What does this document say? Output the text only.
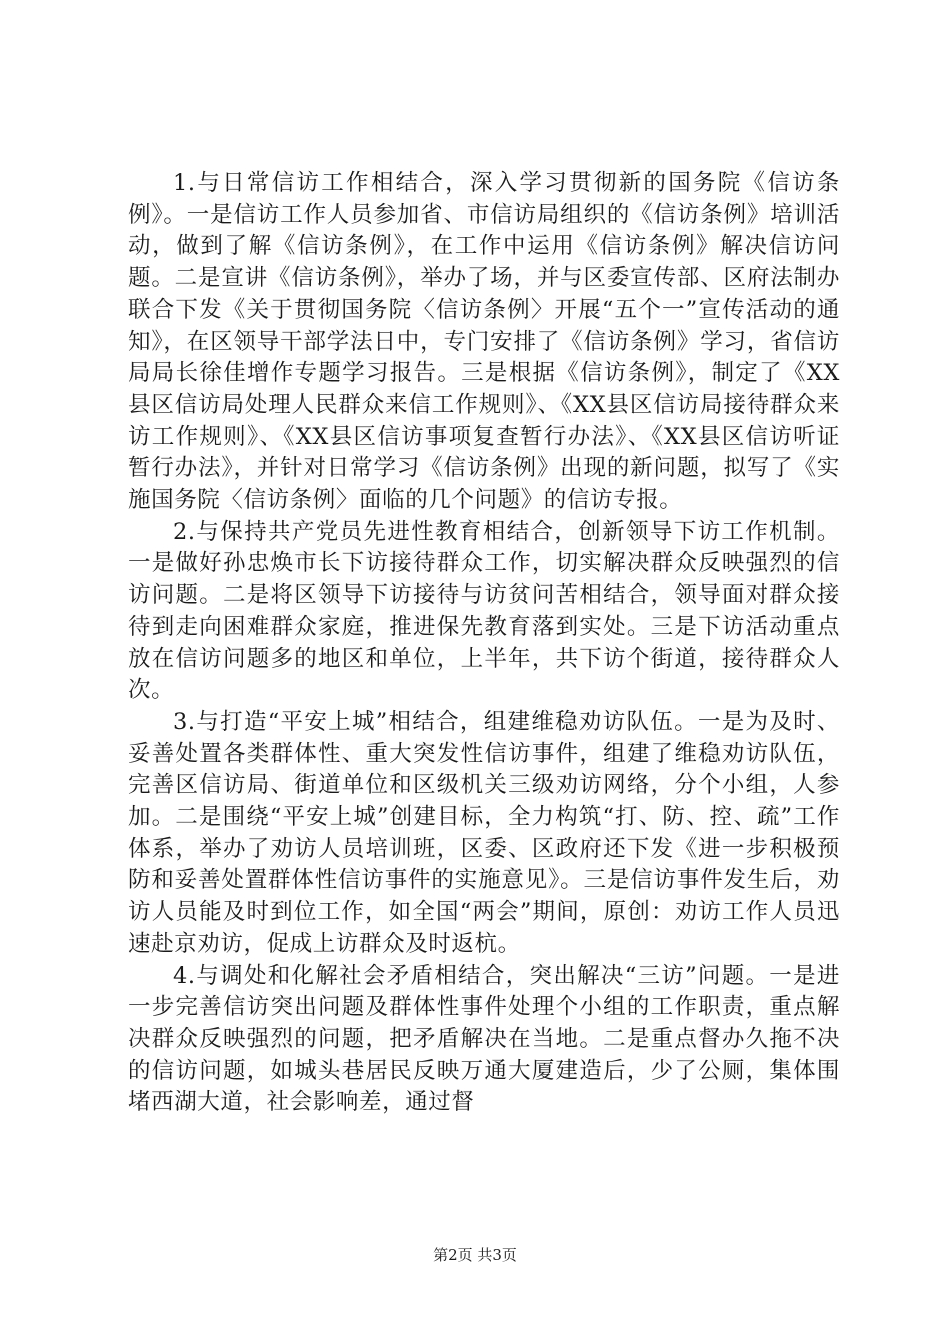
1.与日常信访工作相结合，深入学习贯彻新的国务院《信访条例》。一是信访工作人员参加省、市信访局组织的《信访条例》培训活动，做到了解《信访条例》，在工作中运用《信访条例》解决信访问题。二是宣讲《信访条例》，举办了场，并与区委宣传部、区府法制办联合下发《关于贯彻国务院〈信访条例〉开展“五个一”宣传活动的通知》，在区领导干部学法日中，专门安排了《信访条例》学习，省信访局局长徐佳增作专题学习报告。三是根据《信访条例》，制定了《XX县区信访局处理人民群众来信工作规则》、《XX县区信访局接待群众来访工作规则》、《XX县区信访事项复查暂行办法》、《XX县区信访听证暂行办法》，并针对日常学习《信访条例》出现的新问题，拟写了《实施国务院〈信访条例〉面临的几个问题》的信访专报。

2.与保持共产党员先进性教育相结合，创新领导下访工作机制。一是做好孙忠焕市长下访接待群众工作，切实解决群众反映强烈的信访问题。二是将区领导下访接待与访贫问苦相结合，领导面对群众接待到走向困难群众家庭，推进保先教育落到实处。三是下访活动重点放在信访问题多的地区和单位，上半年，共下访个街道，接待群众人次。

3.与打造“平安上城”相结合，组建维稳劝访队伍。一是为及时、妥善处置各类群体性、重大突发性信访事件，组建了维稳劝访队伍，完善区信访局、街道单位和区级机关三级劝访网络，分个小组，人参加。二是围绕“平安上城”创建目标，全力构筑“打、防、控、疏”工作体系，举办了劝访人员培训班，区委、区政府还下发《进一步积极预防和妥善处置群体性信访事件的实施意见》。三是信访事件发生后，劝访人员能及时到位工作，如全国“两会”期间，原创：劝访工作人员迅速赴京劝访，促成上访群众及时返杭。

4.与调处和化解社会矛盾相结合，突出解决“三访”问题。一是进一步完善信访突出问题及群体性事件处理个小组的工作职责，重点解决群众反映强烈的问题，把矛盾解决在当地。二是重点督办久拖不决的信访问题，如城头巷居民反映万通大厦建造后，少了公厕，集体围堵西湖大道，社会影响差，通过督

第2页 共3页
